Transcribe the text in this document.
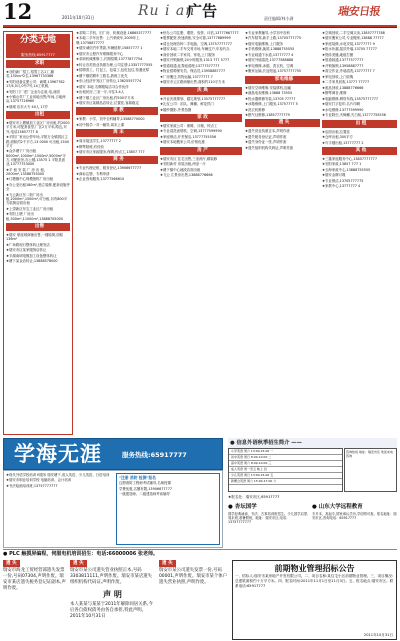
12	2011年10月31日	Ru i an
广告	责任编辑/林小满
瑞安日报
分类天地
服务热线:65917777
求职
★谷阳新厂招工,招男工名1工,额若,150nu*2名,13967733366
★安阳设备注册公司：诚聘,13967762 17/4,5月,0号7号,14工机械,
★安阳 门厂老厂企业办注意,电,前面
★小镇山村厂工业用地出售/车间,占地两亩,13757726960
★瑞城 店东大专 40人 17岁
出租
★瑞安市上塘镇加工业区厂房出租,约2000平方米,可配套食堂,厂区2万平米,路边,对外,电话13857777 8
★平阳厂家出让停车场,平阳万全镇园区主路,面积约2千平方,13 0000 可出租,1500平方
★众多塘下厂房出租 8000m²,1000m²,1500m²,5000m²平方,可配宿舍,办公楼,13575 1 平阳县创业,13777753000
★平 租 安 装 厂 房 出 租，2000m²,13588755000
★订塘镇中心规模独栋厂房出租
★办公室出租180m²,独立装修,配套设施齐全
★飞云新区东二街厂房出租,2000m²,1500m²,可分租,另有800平方临街店面出租
★上望新区东宝工业区厂房出租
★安阳上塘 厂房出租,500m²,11000m²,13888705000
出售
★瑞安 豪庭城商铺出售,一楼临街,面积136m²
★广场路现行整体转让理发店
★瑞安市区某家服饰店转让
★平湖南明电镀加工设备整体转让
★塘下某金店转让,13888578000
★求购二手机、旧厂房、机械设备,16865377777
★本地二手车出售：上汽荣威车,2009年上牌,13758877777
★瑞安诚信汽车贷款,车辆抵押,15857777 1
★瑞安市云程汽车维修服务中心
★求职机械维修工,长期招聘,13777877754
★转让各类营业执照办理,公司注册,13357777555
★招聘普工、打包工、包装工,包吃包住,待遇优厚
★塘下镇招聘车工数名,熟练工优先
★东山经济开发区厂房转让,13625557774
★瑞安 本地 名牌服装店寻合作伙伴
★出租民房,三室一厅,可住3-4人
★塘下镇工业区厂房出租,约500平方米
★瑞安市区某精品店转让,位置佳,客源稳定
家 教
★家教：小学、初中全科辅导,13588770000
★初中数学一对一辅导,周末上课
周 末
★周末接送学生,13777777 2
★钢琴陪练,有经验
★瑞安市区家政服务,保姆,钟点工,13857 777
商 务
★专业代理记账、税务登记,13906677777
★商标注册、专利申请
★企业咨询服务,13777566610
★快办公司注册、增资、验资、评估,13777667777
★股票配资,快速到账,安全可靠,13777889999
★清仓处理各种二手电脑、空调,13757777777
★瑞安本地二手车交易市场,车辆过户,年检代办
★高价回收二手家具、家电,上门服务
★瑞安开锁换锁,24小时服务,1313 777 5777
★管道疏通,化粪池清理,13777577777
★物业招聘保安员、保洁员,13958887777
★厂房搬迁,货物运输,13777777 7
★瑞安市云江路商铺出售,面积约110平方米
庆 典
★开业庆典策划、婚礼策划,13575777777
★礼仪公司：乐队、舞狮、鲜花拱门
★婚纱摄影,外景拍摄
家 政
★瑞安家政公司：保姆、月嫂、钟点工
★专业清洗油烟机、空调,13777599990
★家庭保洁,开荒保洁,13777755556
★瑞安本地搬家公司,价格优惠
房 产
★瑞安市区 住宅出售,三室两厅,精装修
★安阳新村 房屋出租,两室一厅
★塘下镇中心地段店面出租
★飞云 江景房出售,13888776666
★专业家教辅导,小学初中各科
★汽车陪驾,新手上路,13705777775
★瑞安电脑维修,上门服务
★手机维修,换屏,13888755555
★专业疏通下水道,13777777 4
★瑞安外墙清洗,13777588888
★家电维修,冰箱、洗衣机、空调
★搬家运输,长途短途,13757777755
家电维修
★瑞安空调维修,安装移机,加氟
★液晶电视维修,13888 75555
★热水器维修安装,13705 77777
★冰箱维修,上门服务,13757777 5
★洗衣机维修
★燃气灶维修,13857777779
遗 失
★遗失营业执照正本,声明作废
★遗失税务登记证,声明作废
★遗失身份证一张,声明作废
★遗失组织机构代码证,声明作废
★空调回收,二手空调买卖,13857777788
★瑞安搬家公司,专业搬家,13888 77777
★家庭装修,水电安装,13777777 9
★防水补漏,屋顶外墙,13705 77777
★瓷砖美缝,地板打蜡
★管道疏通,13777577777
★开锁换锁,13958887777
★高空作业,外墙清洗,13777777 7
★家电回收,上门收购
★二手家具回收,13777 77777
★废品回收,13888776666
★钢琴调音,维修
★电脑维修,网络布线,13575777777
★瑞安打字复印,名片印刷
★水电维修,13777599990
★专业除虫,灭蟑螂,灭白蚁,13777755556
出 租
★店面出租,位置佳
★仓库出租,300平方
★写字楼出租,13777777 2
其 他
★三鑫家庭服务中心,13857777777
★安阳家政,13857 777 1
★玉海家政中心,13888755555
★瑞安金牌月嫂
★专业保洁,13705777775
★家教中心,13777777 4
学海无涯	服务热线:65917777
★现代外语学校培训 E服务 瑞安塘下,成人英语、少儿英语、日语培训
★瑞安市职业培训学校 电脑培训、会计培训
★书法绘画培训班,13757777777
"注册 消防 检测"报名
注册消防工程师考试辅导,名师授课
学费优惠,名额有限,13906677777
一级建造师、二级建造师考前辅导
● 信息外语秋季招生简介 ——
小学英语 周六 13:00-15:00 一
初中英语 周日 8:00-10:00 二
高中英语 周六 8:00-10:00 三
成人英语 周一至五 晚上 四
少儿英语 周日 13:00-15:00 五
新概念英语 周六 15:00-17:00 六
咨询热线 地址：瑞安市区 欢迎来电咨询
★报名处：瑞安市区,65917777
● 杏坛国学
国学经典诵读、书法、古筝培训班招生。少儿国学启蒙,周末班,寒暑假班。地址：瑞安市区,电话：13757777777
● 山东大学远程教育
专升本、高起专,国家承认学历,学信网可查。报名地址：瑞安市区,咨询电话：65917777
● PLC 触摸屏编程，伺服电机培训招生：电话:66000006 张老师。
遗 失
瑞安市海龙工贸经营部遗失发票一份,号码07304,声明作废。瑞安市某店遗失税务登记证副本,声明作废。
遗 失
瑞安市某公司遗失营业执照正本,号码3303811111,声明作废。瑞安市某店遗失组织机构代码证,声明作废。
声 明
本人某某与某某于2011年解除同居关系,今后各自债权债务由各自承担,特此声明。2011年10月31日
遗 失
瑞安市某公司遗失发票一份,号码00001,声明作废。瑞安市某个体户遗失营业执照,声明作废。
前期物业管理招标公告
一、招标人:瑞安市某房地产开发有限公司。二、项目名称:某住宅小区前期物业管理。三、项目概况:总建筑面积约十万平方米。四、报名时间:2011年11月1日至11月3日。五、报名地点:瑞安市区。联系电话:65917777
2011年10月31日
